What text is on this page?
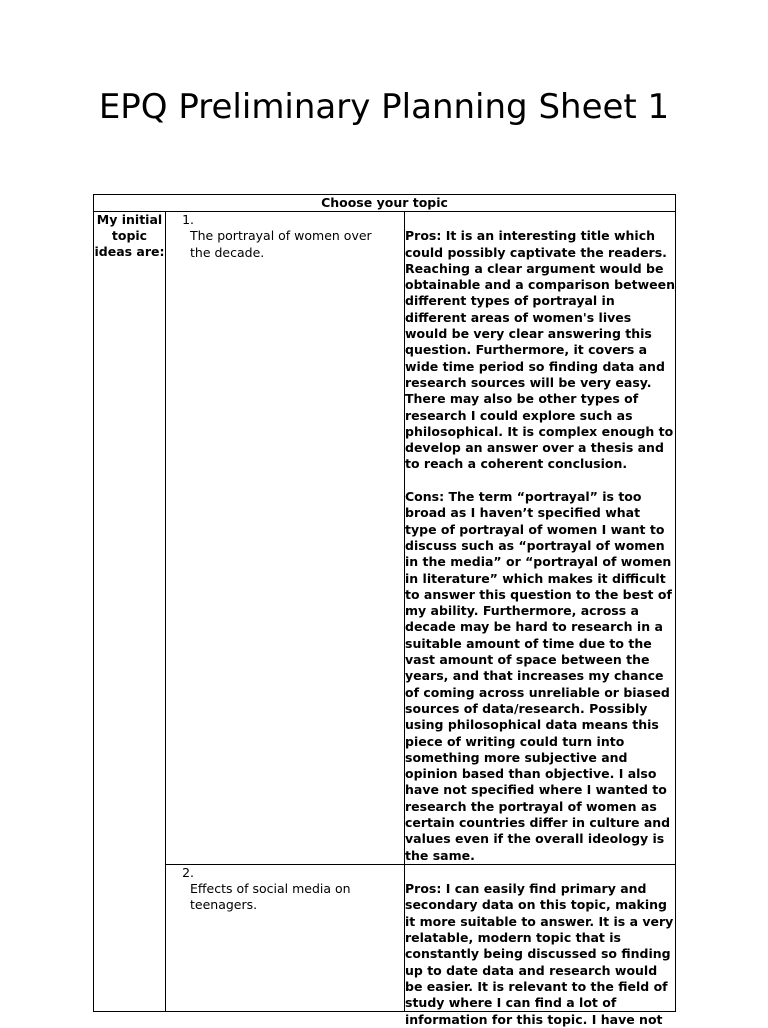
EPQ Preliminary Planning Sheet 1
Choose your topic		
My initial topic ideas are:	1.The portrayal of women over the decade.	Pros: It is an interesting title which could possibly captivate the readers. Reaching a clear argument would be obtainable and a comparison between different types of portrayal in different areas of women's lives would be very clear answering this question. Furthermore, it covers a wide time period so finding data and research sources will be very easy. There may also be other types of research I could explore such as philosophical. It is complex enough to develop an answer over a thesis and to reach a coherent conclusion.

Cons: The term “portrayal” is too broad as I haven’t specified what type of portrayal of women I want to discuss such as “portrayal of women in the media” or “portrayal of women in literature” which makes it difficult to answer this question to the best of my ability. Furthermore, across a decade may be hard to research in a suitable amount of time due to the vast amount of space between the years, and that increases my chance of coming across unreliable or biased sources of data/research. Possibly using philosophical data means this piece of writing could turn into something more subjective and opinion based than objective. I also have not specified where I wanted to research the portrayal of women as certain countries differ in culture and values even if the overall ideology is the same.

	2.Effects of social media on teenagers.	Pros: I can easily find primary and secondary data on this topic, making it more suitable to answer. It is a very relatable, modern topic that is constantly being discussed so finding up to date data and research would be easier. It is relevant to the field of study where I can find a lot of information for this topic. I have not
